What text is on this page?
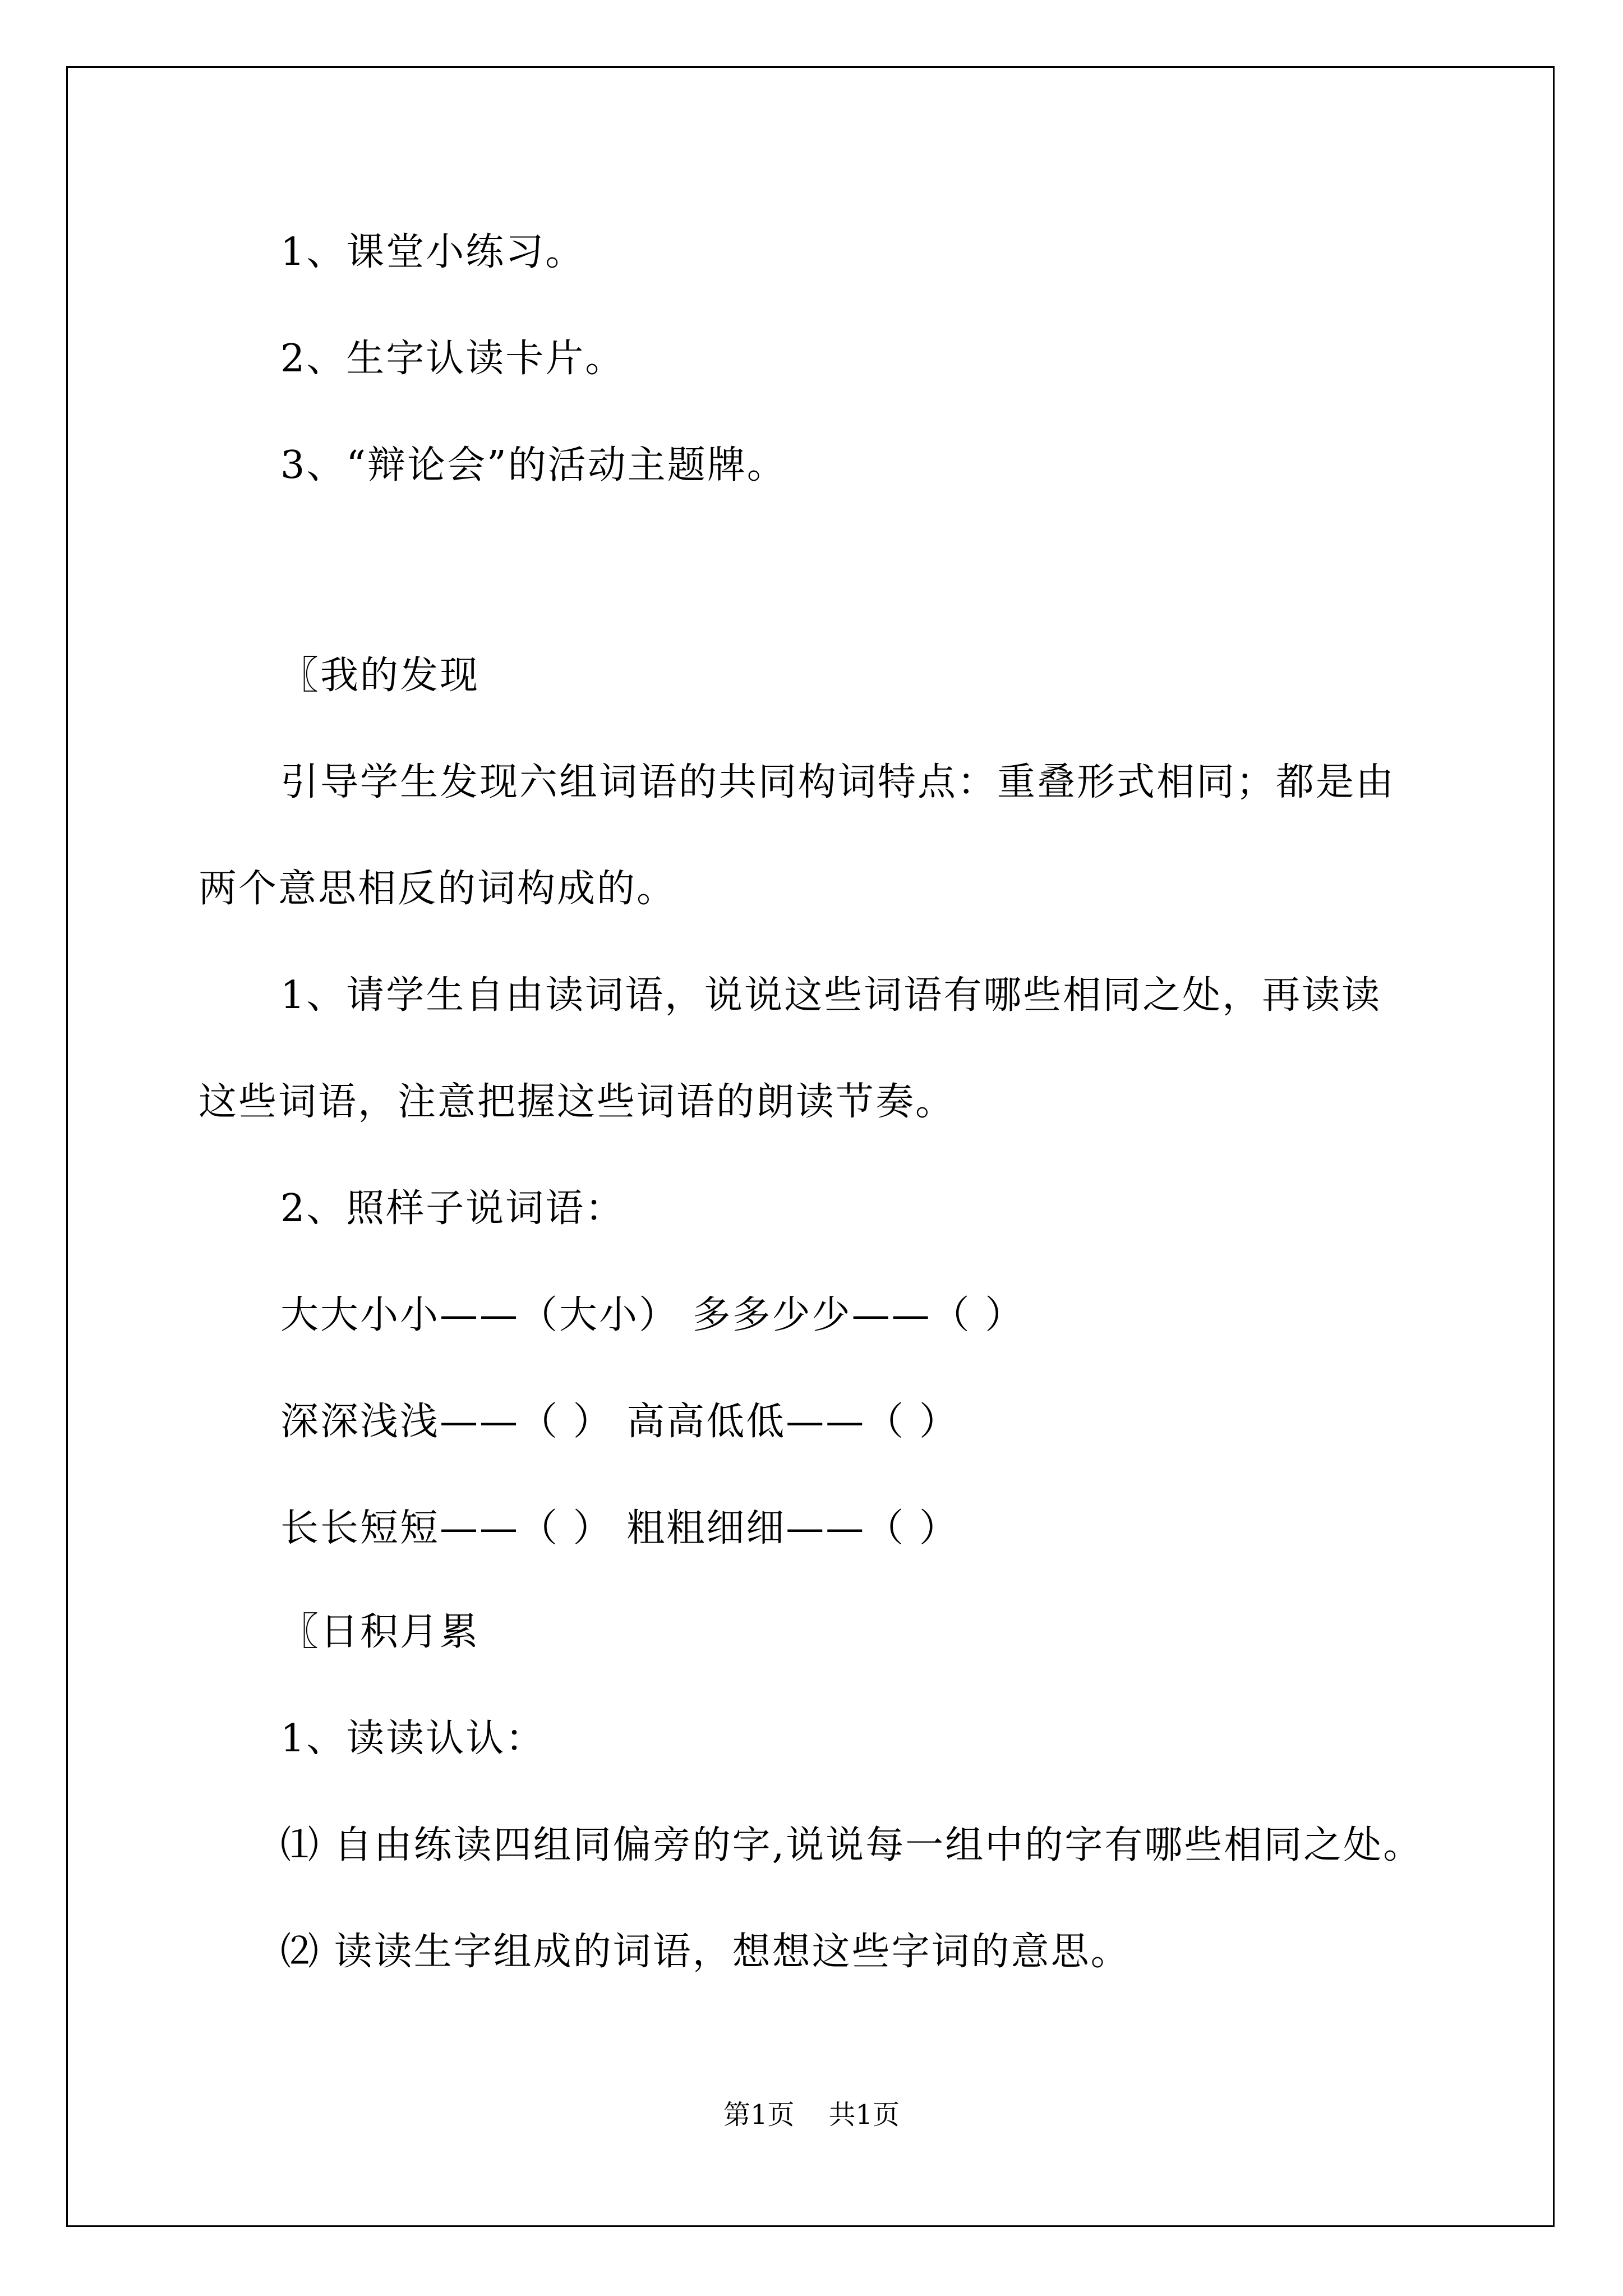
1、课堂小练习。
2、生字认读卡片。
3、“辩论会”的活动主题牌。
〖我的发现
引导学生发现六组词语的共同构词特点：重叠形式相同；都是由
两个意思相反的词构成的。
1、请学生自由读词语，说说这些词语有哪些相同之处，再读读
这些词语，注意把握这些词语的朗读节奏。
2、照样子说词语：
大大小小——（大小） 多多少少——（ ）
深深浅浅——（ ） 高高低低——（ ）
长长短短——（ ） 粗粗细细——（ ）
〖日积月累
1、读读认认：
⑴ 自由练读四组同偏旁的字,说说每一组中的字有哪些相同之处。
⑵ 读读生字组成的词语，想想这些字词的意思。
第1页    共1页
